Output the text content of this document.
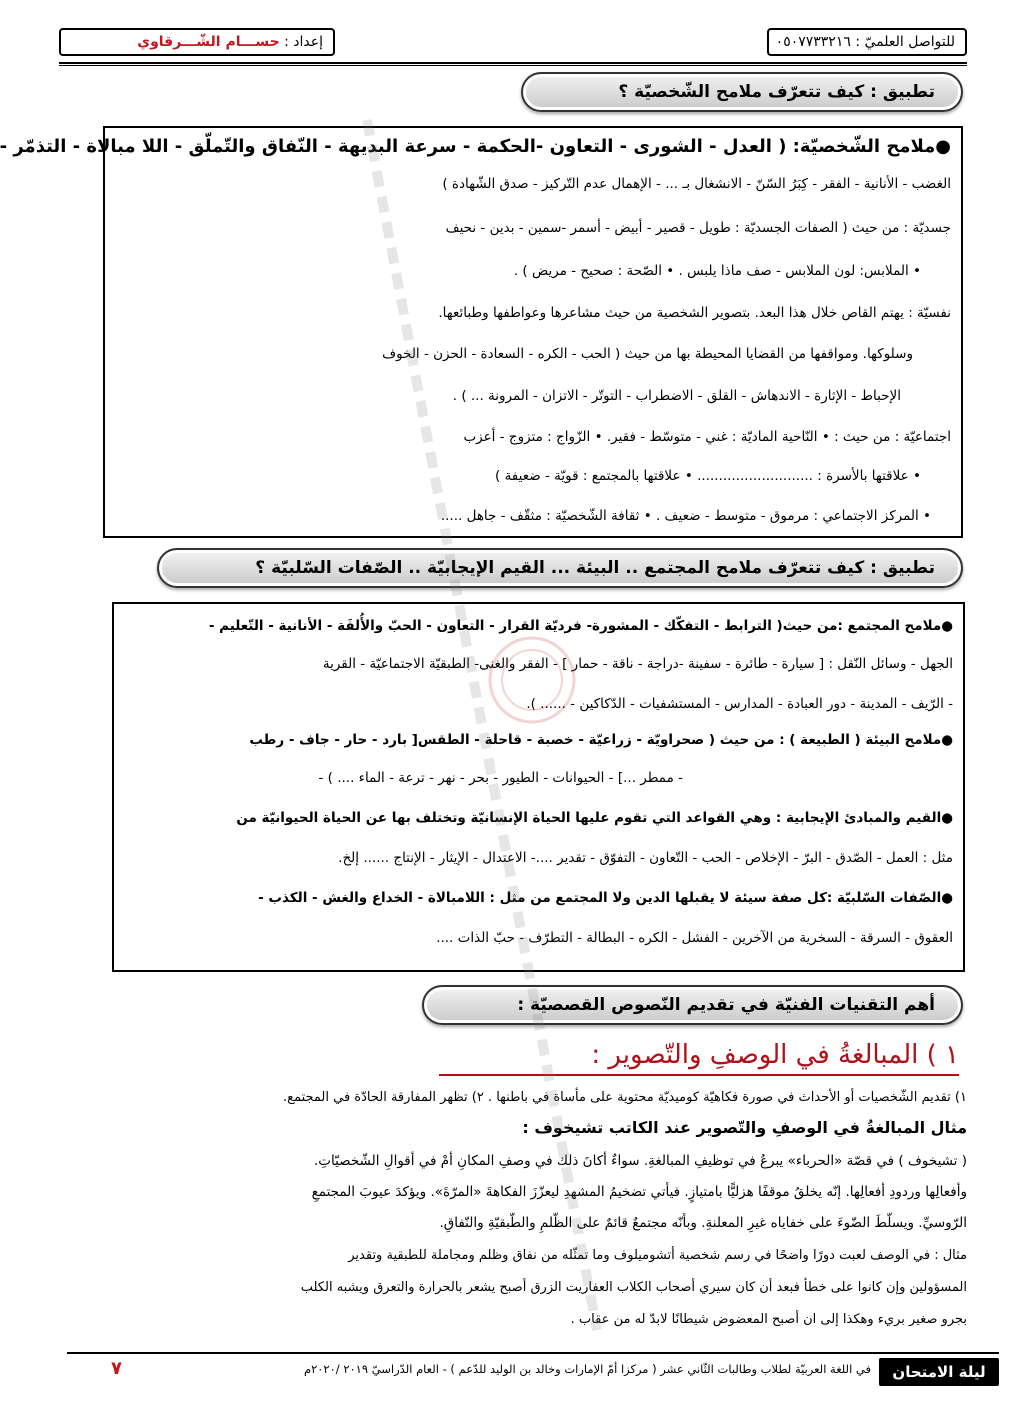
للتواصل العلميّ : ٠٥٠٧٧٣٣٢١٦
إعداد : حســـام الشّـــرقاوي
تطبيق : كيف تتعرّف ملامح الشّخصيّة ؟
●ملامح الشّخصيّة: ( العدل - الشورى - التعاون -الحكمة - سرعة البديهة - النّفاق والتّملّق - اللا مبالاة - التذمّر -
الغضب - الأنانية - الفقر - كِبَرُ السّنّ - الانشغال بـ ... - الإهمال عدم التّركيز - صدق الشّهادة )
جسديّة : من حيث ( الصفات الجسديّة : طويل - قصير - أبيض - أسمر -سمين - بدين - نحيف
• الملابس: لون الملابس - صف ماذا يلبس . • الصّحة : صحيح - مريض ) .
نفسيّة : يهتم القاص خلال هذا البعد. بتصوير الشخصية من حيث مشاعرها وعواطفها وطبائعها.
وسلوكها. ومواقفها من القضايا المحيطة بها من حيث ( الحب - الكره - السعادة - الحزن - الخوف
الإحباط - الإثارة - الاندهاش - القلق - الاضطراب - التوتّر - الاتزان - المرونة ... ) .
اجتماعيّة : من حيث : • النّاحية الماديّة : غني - متوسّط - فقير. • الزّواج : متزوج - أعزب
• علاقتها بالأسرة : ........................... • علاقتها بالمجتمع : قويّة - ضعيفة )
• المركز الاجتماعي : مرموق - متوسط - ضعيف . • ثقافة الشّخصيّة : مثقّف - جاهل .....
تطبيق : كيف تتعرّف ملامح المجتمع .. البيئة ... القيم الإيجابيّة .. الصّفات السّلبيّة ؟
●ملامح المجتمع :من حيث( الترابط - التفكّك - المشورة- فرديّة القرار - التعاون - الحبّ والأُلفَة - الأنانية - التّعليم -
الجهل - وسائل النّقل : [ سيارة - طائرة - سفينة -دراجة - ناقة - حمار ] - الفقر والغنى- الطبقيّة الاجتماعيّة - القرية
- الرّيف - المدينة - دور العبادة - المدارس - المستشفيات - الدّكاكين - ...... ).
●ملامح البيئة ( الطبيعة ) : من حيث ( صحراويّة - زراعيّة - خصبة - قاحلة - الطقس[ بارد - حار - جاف - رطب
- ممطر ...] - الحيوانات - الطيور - بحر - نهر - ترعة - الماء .... ) -
●القيم والمبادئ الإيجابية : وهي القواعد التي تقوم عليها الحياة الإنسانيّة وتختلف بها عن الحياة الحيوانيّة من
مثل : العمل - الصّدق - البرّ - الإخلاص - الحب - التّعاون - التفوّق - تقدير ....- الاعتدال - الإيثار - الإنتاج ...... إلخ.
●الصّفات السّلبيّة :كل صفة سيئة لا يقبلها الدين ولا المجتمع من مثل : اللامبالاة - الخداع والغش - الكذب -
العقوق - السرقة - السخرية من الآخرين - الفشل - الكره - البطالة - التطرّف - حبّ الذات ....
أهم التقنيات الفنيّة في تقديم النّصوص القصصيّة :
١ ) المبالغةُ في الوصفِ والتّصوير :
١) تقديم الشّخصيات أو الأحداث في صورة فكاهيّة كوميديّة محتوية على مأساة في باطنها . ٢) تظهر المفارقة الحادّة في المجتمع.
مثال المبالغةُ في الوصفِ والتّصوير عند الكاتب تشيخوف :
( تشيخوف ) في قصّة «الحرباء» يبرعُ في توظيفِ المبالغةِ. سواءٌ أكانَ ذلك في وصفِ المكانِ أمْ في أقوالِ الشّخصيّاتِ.
وأفعالِها وردودِ أفعالِها. إنّه يخلقُ موقفًا هزليًّا بامتيازٍ. فيأتي تضخيمُ المشهدِ ليعزّزَ الفكاهةَ «المرّةَ». ويؤكدَ عيوبَ المجتمعِ
الرّوسيِّ. ويسلّطَ الضّوءَ على خفاياه غيرِ المعلنةِ. وبأنّه مجتمعٌ قائمٌ على الظّلمِ والطّبقيّةِ والنّفاقِ.
مثال : في الوصف لعبت دورًا واضحًا في رسم شخصية أتشوميلوف وما تمثّله من نفاق وظلم ومجاملة للطبقية وتقدير
المسؤولين وإن كانوا على خطأ فبعد أن كان سيري أصحاب الكلاب العفاريت الزرق أصبح يشعر بالحرارة والتعرق ويشبه الكلب
بجرو صغير بريء وهكذا إلى ان أصبح المعضوض شيطانًا لابدّ له من عقاب .
ليلة الامتحان
في اللغة العربيّة لطلاب وطالبات الثّاني عشر ( مركزا أمّ الإمارات وخالد بن الوليد للدّعم ) - العام الدّراسيّ ٢٠١٩ /٢٠٢٠م
٧
